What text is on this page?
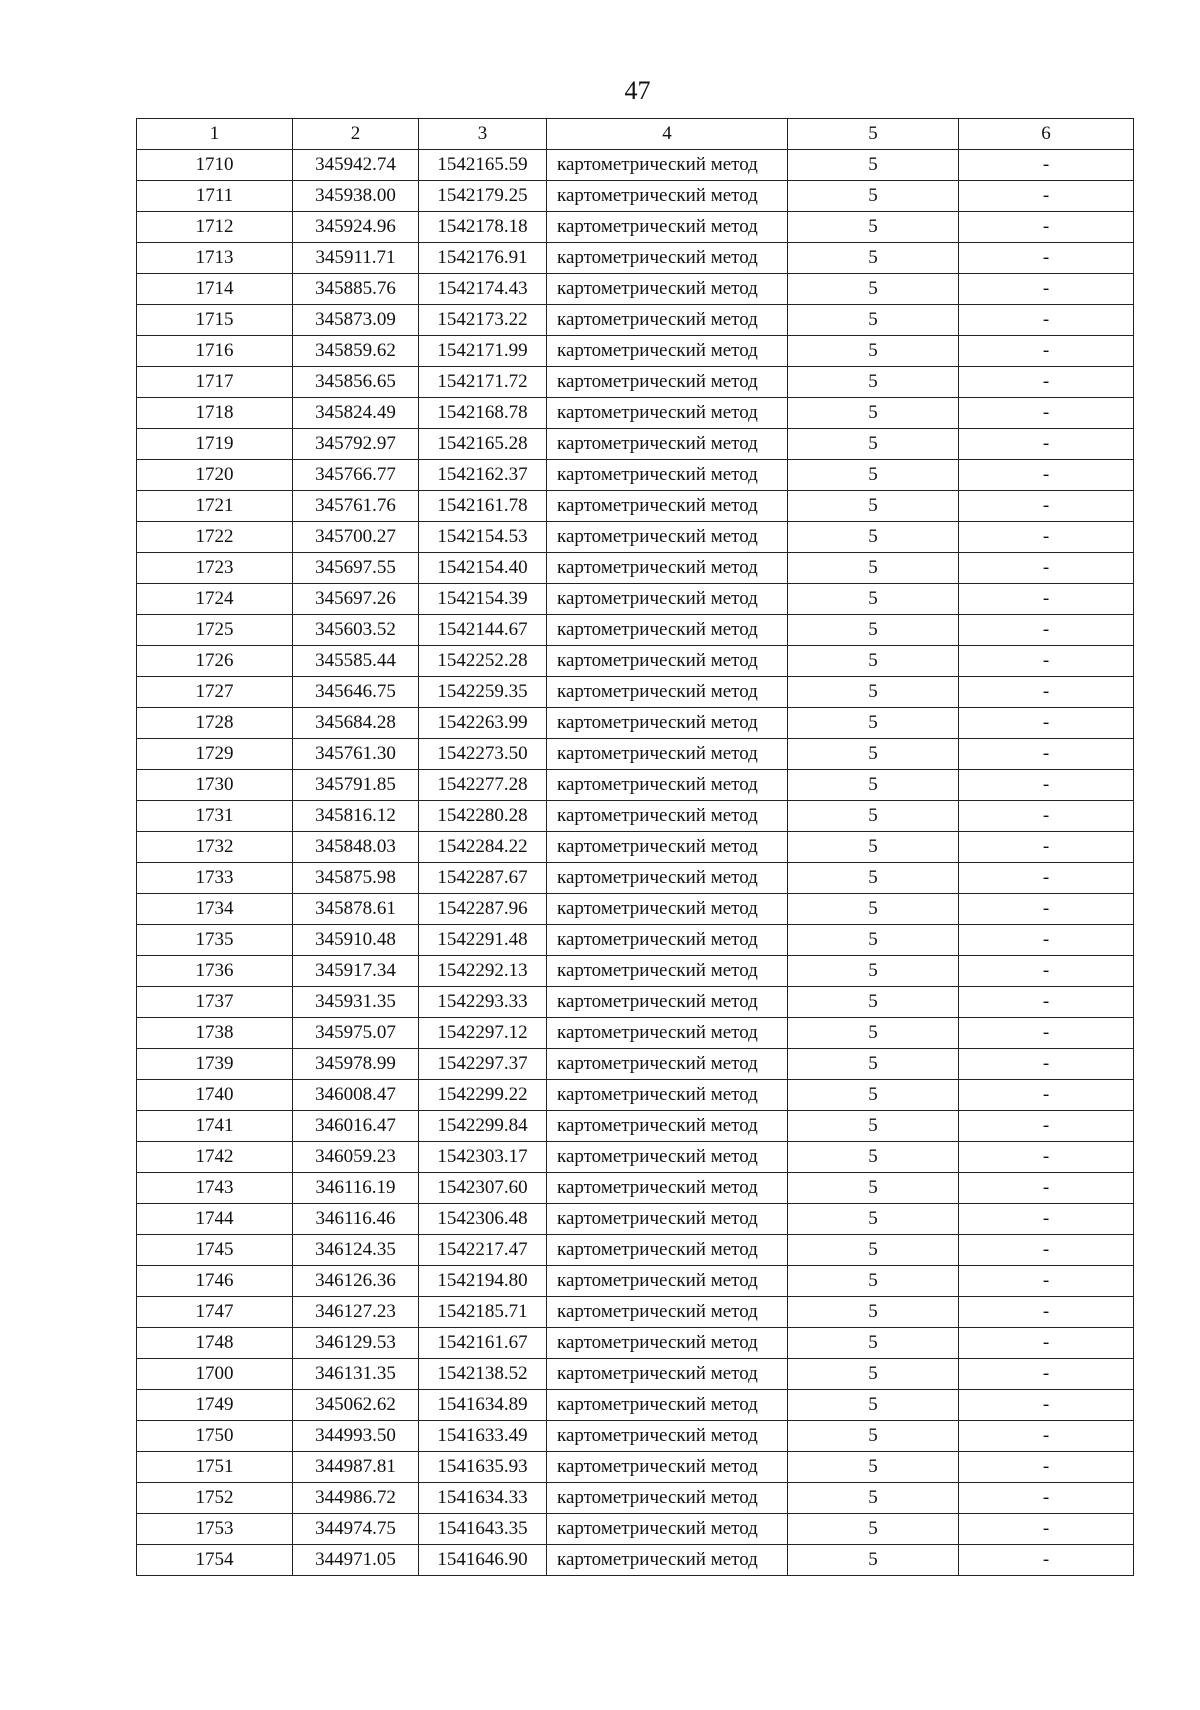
47
1	2	3	4	5	6
1710	345942.74	1542165.59	картометрический метод	5	-
1711	345938.00	1542179.25	картометрический метод	5	-
1712	345924.96	1542178.18	картометрический метод	5	-
1713	345911.71	1542176.91	картометрический метод	5	-
1714	345885.76	1542174.43	картометрический метод	5	-
1715	345873.09	1542173.22	картометрический метод	5	-
1716	345859.62	1542171.99	картометрический метод	5	-
1717	345856.65	1542171.72	картометрический метод	5	-
1718	345824.49	1542168.78	картометрический метод	5	-
1719	345792.97	1542165.28	картометрический метод	5	-
1720	345766.77	1542162.37	картометрический метод	5	-
1721	345761.76	1542161.78	картометрический метод	5	-
1722	345700.27	1542154.53	картометрический метод	5	-
1723	345697.55	1542154.40	картометрический метод	5	-
1724	345697.26	1542154.39	картометрический метод	5	-
1725	345603.52	1542144.67	картометрический метод	5	-
1726	345585.44	1542252.28	картометрический метод	5	-
1727	345646.75	1542259.35	картометрический метод	5	-
1728	345684.28	1542263.99	картометрический метод	5	-
1729	345761.30	1542273.50	картометрический метод	5	-
1730	345791.85	1542277.28	картометрический метод	5	-
1731	345816.12	1542280.28	картометрический метод	5	-
1732	345848.03	1542284.22	картометрический метод	5	-
1733	345875.98	1542287.67	картометрический метод	5	-
1734	345878.61	1542287.96	картометрический метод	5	-
1735	345910.48	1542291.48	картометрический метод	5	-
1736	345917.34	1542292.13	картометрический метод	5	-
1737	345931.35	1542293.33	картометрический метод	5	-
1738	345975.07	1542297.12	картометрический метод	5	-
1739	345978.99	1542297.37	картометрический метод	5	-
1740	346008.47	1542299.22	картометрический метод	5	-
1741	346016.47	1542299.84	картометрический метод	5	-
1742	346059.23	1542303.17	картометрический метод	5	-
1743	346116.19	1542307.60	картометрический метод	5	-
1744	346116.46	1542306.48	картометрический метод	5	-
1745	346124.35	1542217.47	картометрический метод	5	-
1746	346126.36	1542194.80	картометрический метод	5	-
1747	346127.23	1542185.71	картометрический метод	5	-
1748	346129.53	1542161.67	картометрический метод	5	-
1700	346131.35	1542138.52	картометрический метод	5	-
1749	345062.62	1541634.89	картометрический метод	5	-
1750	344993.50	1541633.49	картометрический метод	5	-
1751	344987.81	1541635.93	картометрический метод	5	-
1752	344986.72	1541634.33	картометрический метод	5	-
1753	344974.75	1541643.35	картометрический метод	5	-
1754	344971.05	1541646.90	картометрический метод	5	-
